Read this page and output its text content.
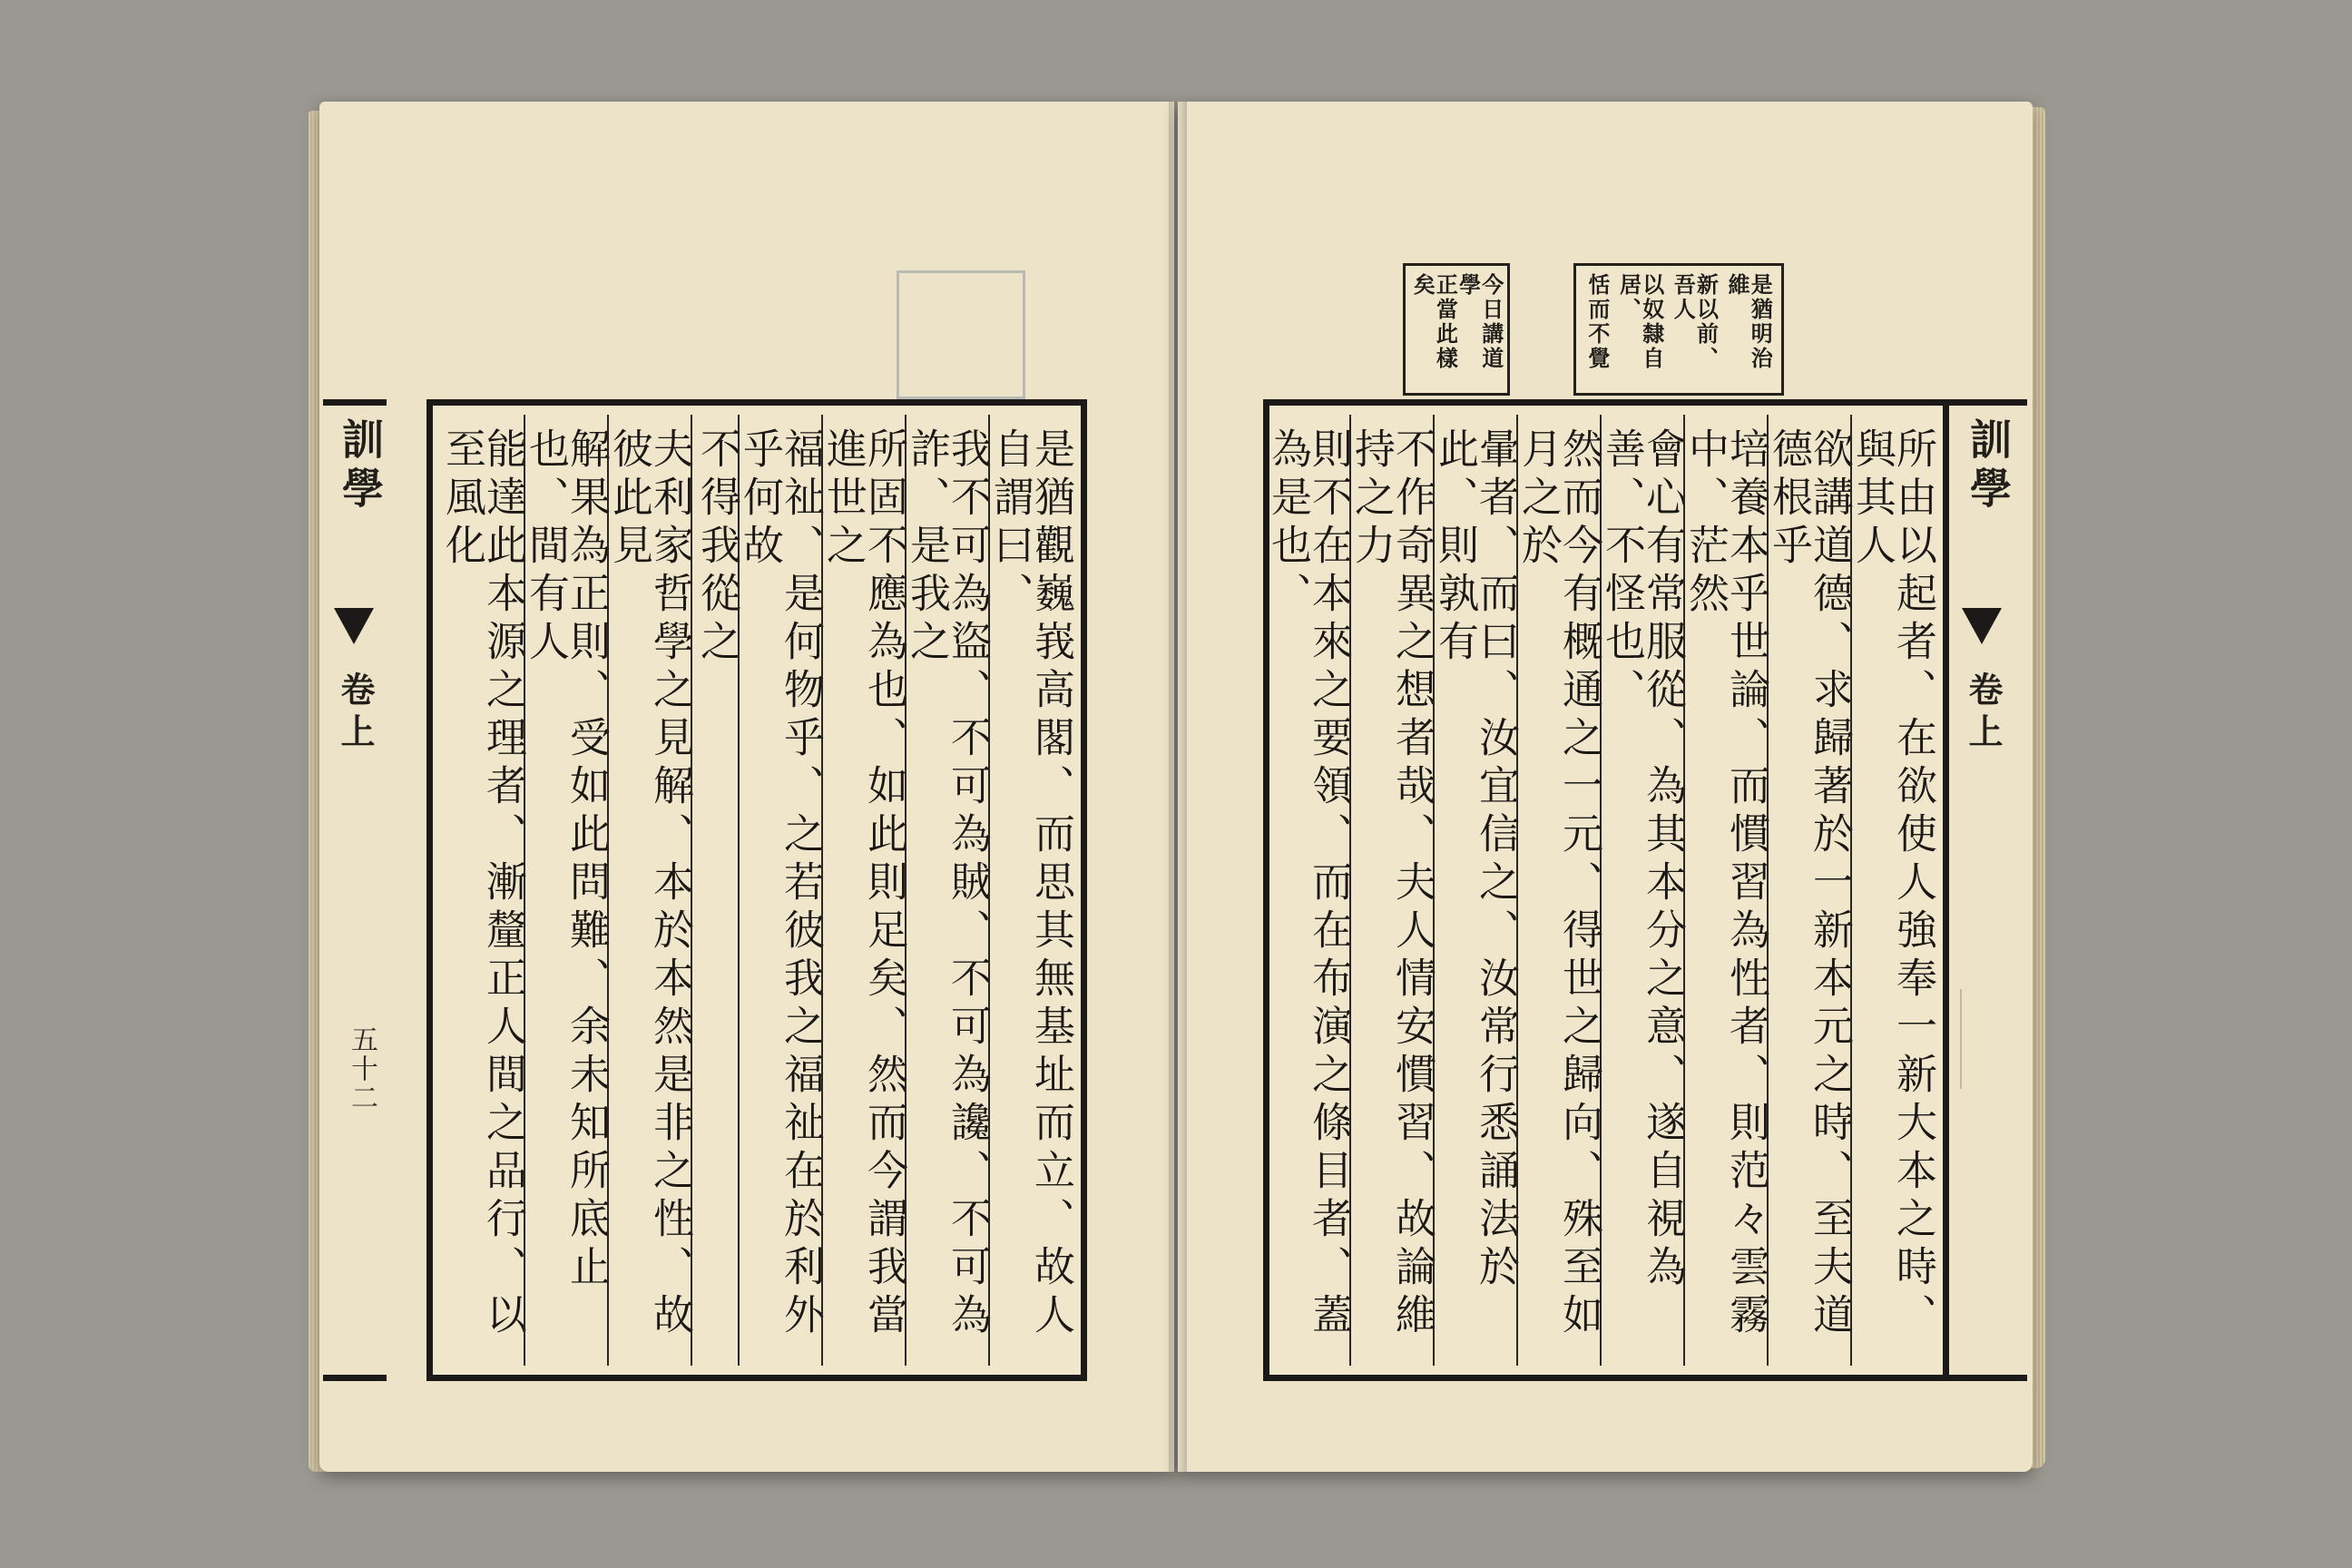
訓學
卷上
五十二	是猶觀巍峩高閣、而思其無基址而立、故人自謂曰、
我不可為盜、不可為賊、不可為讒、不可為詐、是我之
所固不應為也、如此則足矣、然而今謂我當進世之
福祉、是何物乎、之若彼我之福祉在於利外乎何故
不得我從之
夫利家哲學之見解、本於本然是非之性、故彼此見
解果為正則、受如此問難、余未知所底止也、間有人
能達此本源之理者、漸釐正人間之品行、以至風化
是猶明治維
新以前、吾人
以奴隸自居、
恬而不覺
今日講道學
正當此樣矣
所由以起者、在欲使人強奉一新大本之時、與其人
欲講道德、求歸著於一新本元之時、至夫道德根乎
培養本乎世論、而慣習為性者、則范々雲霧中、茫然
會心有常服從、為其本分之意、遂自視為善、不怪也、
然而今有概通之一元、得世之歸向、殊至如月之於
暈者、而曰、汝宜信之、汝常行悉誦法於此、則孰有
不作奇異之想者哉、夫人情安慣習、故論維持之力
則不在本來之要領、而在布演之條目者、蓋為是也、	訓學
卷上
